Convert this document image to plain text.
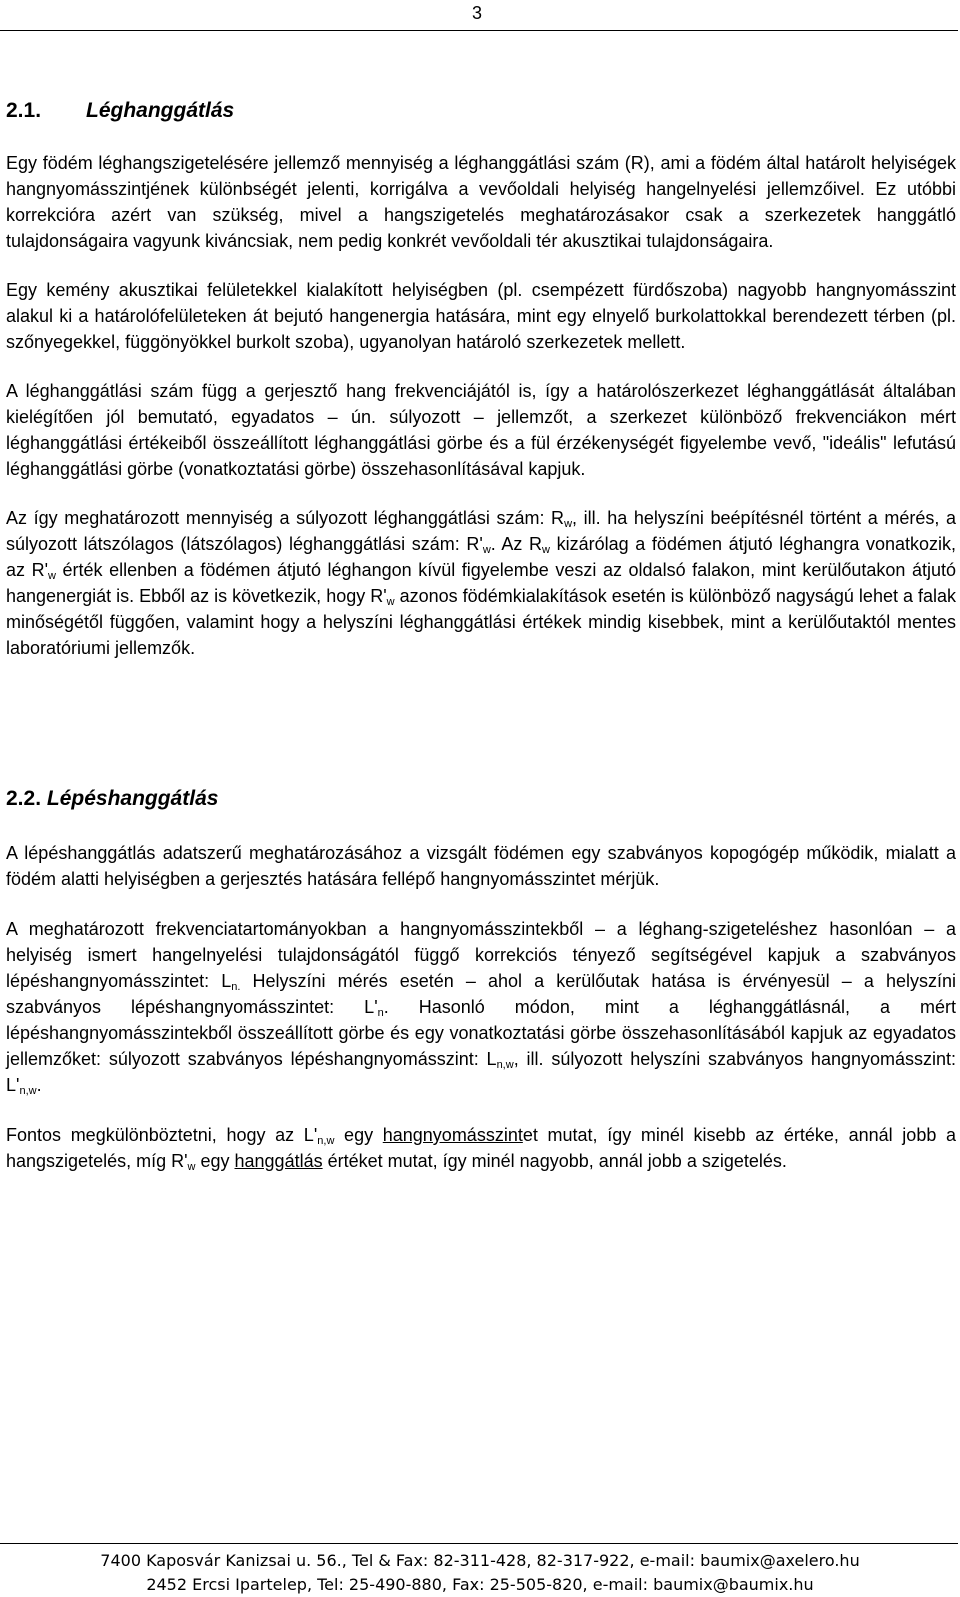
3
2.1. Léghanggátlás

Egy födém léghangszigetelésére jellemző mennyiség a léghanggátlási szám (R), ami a födém által határolt helyiségek hangnyomásszintjének különbségét jelenti, korrigálva a vevőoldali helyiség hangelnyelési jellemzőivel. Ez utóbbi korrekcióra azért van szükség, mivel a hangszigetelés meghatározásakor csak a szerkezetek hanggátló tulajdonságaira vagyunk kiváncsiak, nem pedig konkrét vevőoldali tér akusztikai tulajdonságaira.

Egy kemény akusztikai felületekkel kialakított helyiségben (pl. csempézett fürdőszoba) nagyobb hangnyomásszint alakul ki a határolófelületeken át bejutó hangenergia hatására, mint egy elnyelő burkolattokkal berendezett térben (pl. szőnyegekkel, függönyökkel burkolt szoba), ugyanolyan határoló szerkezetek mellett.

A léghanggátlási szám függ a gerjesztő hang frekvenciájától is, így a határolószerkezet léghanggátlását általában kielégítően jól bemutató, egyadatos – ún. súlyozott – jellemzőt, a szerkezet különböző frekvenciákon mért léghanggátlási értékeiből összeállított léghanggátlási görbe és a fül érzékenységét figyelembe vevő, "ideális" lefutású léghanggátlási görbe (vonatkoztatási görbe) összehasonlításával kapjuk.

Az így meghatározott mennyiség a súlyozott léghanggátlási szám: $R_w$, ill. ha helyszíni beépítésnél történt a mérés, a súlyozott látszólagos (látszólagos) léghanggátlási szám: $R'_w$. Az $R_w$ kizárólag a födémen átjutó léghangra vonatkozik, az $R'_w$ érték ellenben a födémen átjutó léghangon kívül figyelembe veszi az oldalsó falakon, mint kerülőutakon átjutó hangenergiát is. Ebből az is következik, hogy $R'_w$ azonos födémkialakítások esetén is különböző nagyságú lehet a falak minőségétől függően, valamint hogy a helyszíni léghanggátlási értékek mindig kisebbek, mint a kerülőutaktól mentes laboratóriumi jellemzők.

2.2. Lépéshanggátlás

A lépéshanggátlás adatszerű meghatározásához a vizsgált födémen egy szabványos kopogógép működik, mialatt a födém alatti helyiségben a gerjesztés hatására fellépő hangnyomásszintet mérjük.

A meghatározott frekvenciatartományokban a hangnyomásszintekből – a léghang-szigeteléshez hasonlóan – a helyiség ismert hangelnyelési tulajdonságától függő korrekciós tényező segítségével kapjuk a szabványos lépéshangnyomásszintet: $L_{n.}$ Helyszíni mérés esetén – ahol a kerülőutak hatása is érvényesül – a helyszíni szabványos lépéshangnyomásszintet: $L'_n$. Hasonló módon, mint a léghanggátlásnál, a mért lépéshangnyomásszintekből összeállított görbe és egy vonatkoztatási görbe összehasonlításából kapjuk az egyadatos jellemzőket: súlyozott szabványos lépéshangnyomásszint: $L_{n,w}$, ill. súlyozott helyszíni szabványos hangnyomásszint: $L'_{n,w}$.

Fontos megkülönböztetni, hogy az $L'_{n,w}$ egy hangnyomásszintet mutat, így minél kisebb az értéke, annál jobb a hangszigetelés, míg $R'_w$ egy hanggátlás értéket mutat, így minél nagyobb, annál jobb a szigetelés.

7400 Kaposvár Kanizsai u. 56., Tel & Fax: 82-311-428, 82-317-922, e-mail: baumix@axelero.hu
2452 Ercsi Ipartelep, Tel: 25-490-880, Fax: 25-505-820, e-mail: baumix@baumix.hu
